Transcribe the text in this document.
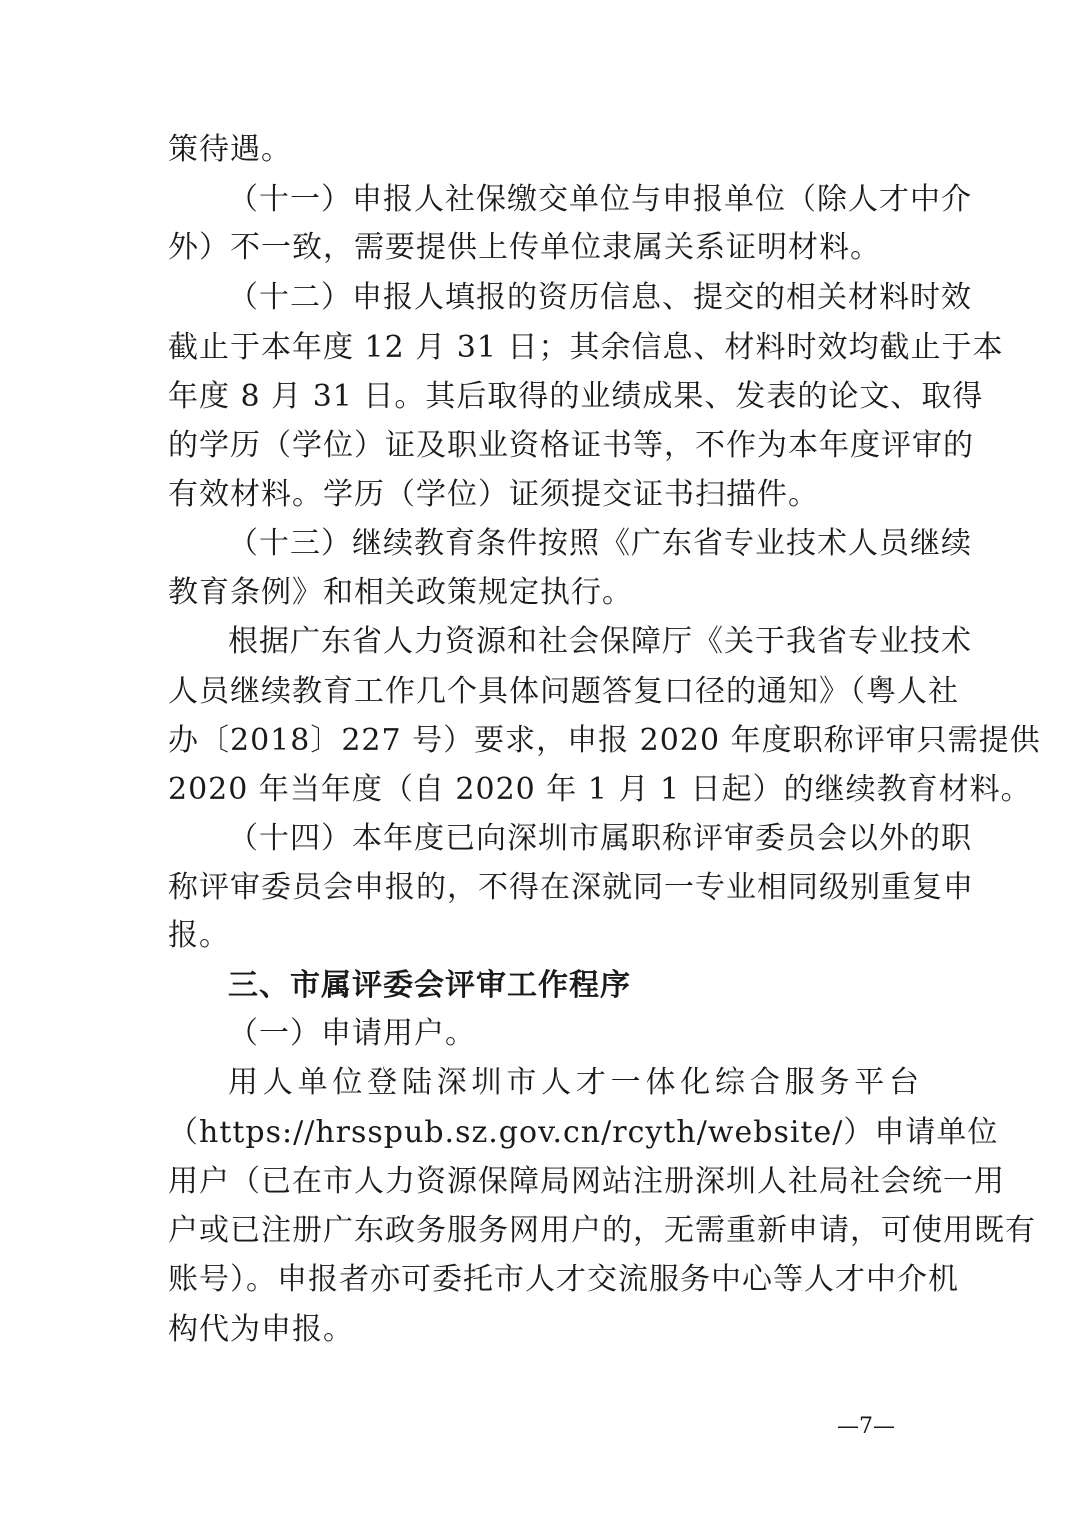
策待遇。
（十一）申报人社保缴交单位与申报单位（除人才中介
外）不一致，需要提供上传单位隶属关系证明材料。
（十二）申报人填报的资历信息、提交的相关材料时效
截止于本年度 12 月 31 日；其余信息、材料时效均截止于本
年度 8 月 31 日。其后取得的业绩成果、发表的论文、取得
的学历（学位）证及职业资格证书等，不作为本年度评审的
有效材料。学历（学位）证须提交证书扫描件。
（十三）继续教育条件按照《广东省专业技术人员继续
教育条例》和相关政策规定执行。
根据广东省人力资源和社会保障厅《关于我省专业技术
人员继续教育工作几个具体问题答复口径的通知》（粤人社
办〔2018〕227 号）要求，申报 2020 年度职称评审只需提供
2020 年当年度（自 2020 年 1 月 1 日起）的继续教育材料。
（十四）本年度已向深圳市属职称评审委员会以外的职
称评审委员会申报的，不得在深就同一专业相同级别重复申
报。
三、市属评委会评审工作程序
（一）申请用户。
用人单位登陆深圳市人才一体化综合服务平台
（https://hrsspub.sz.gov.cn/rcyth/website/）申请单位
用户（已在市人力资源保障局网站注册深圳人社局社会统一用
户或已注册广东政务服务网用户的，无需重新申请，可使用既有
账号）。申报者亦可委托市人才交流服务中心等人才中介机
构代为申报。
—7—
